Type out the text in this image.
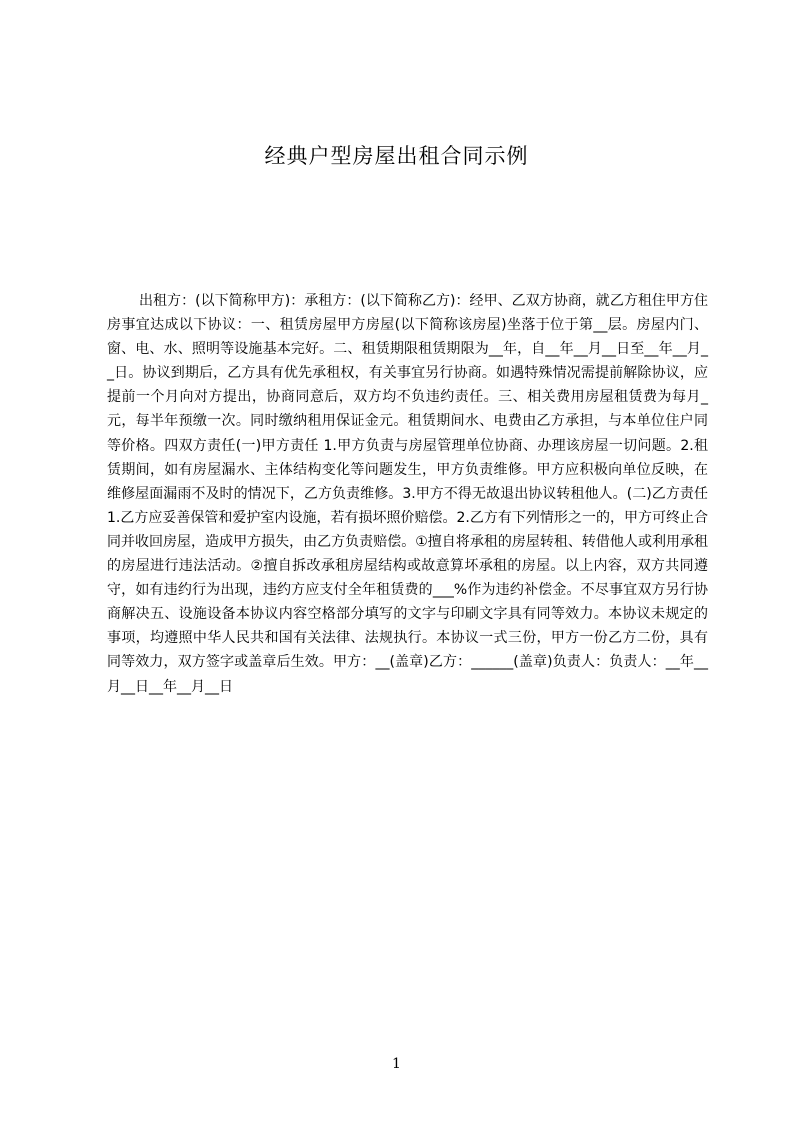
经典户型房屋出租合同示例

出租方：(以下简称甲方)：承租方：(以下简称乙方)：经甲、乙双方协商，就乙方租住甲方住房事宜达成以下协议：一、租赁房屋甲方房屋(以下简称该房屋)坐落于位于第__层。房屋内门、窗、电、水、照明等设施基本完好。二、租赁期限租赁期限为__年，自__年__月__日至__年__月__日。协议到期后，乙方具有优先承租权，有关事宜另行协商。如遇特殊情况需提前解除协议，应提前一个月向对方提出，协商同意后，双方均不负违约责任。三、相关费用房屋租赁费为每月_元，每半年预缴一次。同时缴纳租用保证金元。租赁期间水、电费由乙方承担，与本单位住户同等价格。四双方责任(一)甲方责任 1.甲方负责与房屋管理单位协商、办理该房屋一切问题。2.租赁期间，如有房屋漏水、主体结构变化等问题发生，甲方负责维修。甲方应积极向单位反映，在维修屋面漏雨不及时的情况下，乙方负责维修。3.甲方不得无故退出协议转租他人。(二)乙方责任 1.乙方应妥善保管和爱护室内设施，若有损坏照价赔偿。2.乙方有下列情形之一的，甲方可终止合同并收回房屋，造成甲方损失，由乙方负责赔偿。①擅自将承租的房屋转租、转借他人或利用承租的房屋进行违法活动。②擅自拆改承租房屋结构或故意算坏承租的房屋。以上内容，双方共同遵守，如有违约行为出现，违约方应支付全年租赁费的___%作为违约补偿金。不尽事宜双方另行协商解决五、设施设备本协议内容空格部分填写的文字与印刷文字具有同等效力。本协议未规定的事项，均遵照中华人民共和国有关法律、法规执行。本协议一式三份，甲方一份乙方二份，具有同等效力，双方签字或盖章后生效。甲方：__(盖章)乙方：______(盖章)负责人：负责人：__年__月__日__年__月__日

1
